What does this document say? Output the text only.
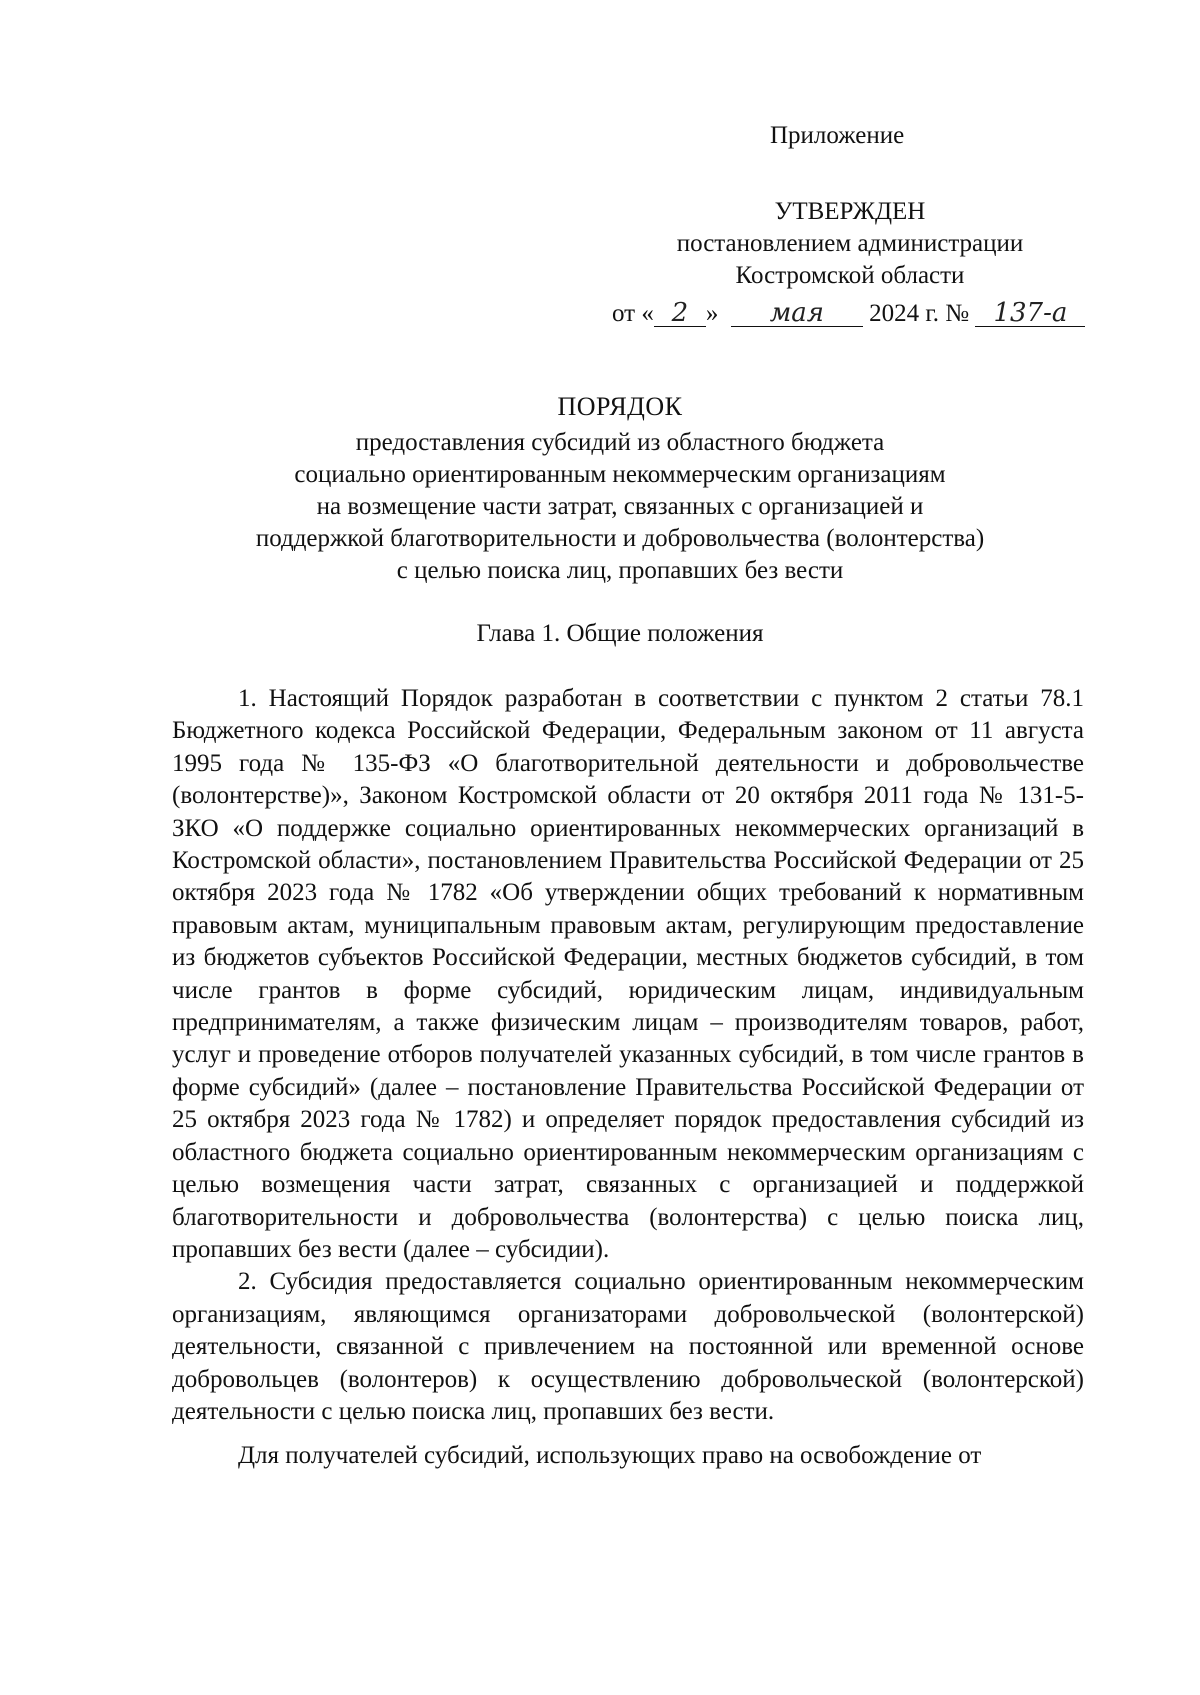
Приложение
УТВЕРЖДЕН
постановлением администрации
Костромской области
от « 2 » мая 2024 г. № 137-а
ПОРЯДОК
предоставления субсидий из областного бюджета
социально ориентированным некоммерческим организациям
на возмещение части затрат, связанных с организацией и
поддержкой благотворительности и добровольчества (волонтерства)
с целью поиска лиц, пропавших без вести
Глава 1. Общие положения

1. Настоящий Порядок разработан в соответствии с пунктом 2 статьи 78.1 Бюджетного кодекса Российской Федерации, Федеральным законом от 11 августа 1995 года № 135-ФЗ «О благотворительной деятельности и добровольчестве (волонтерстве)», Законом Костромской области от 20 октября 2011 года № 131-5-ЗКО «О поддержке социально ориентированных некоммерческих организаций в Костромской области», постановлением Правительства Российской Федерации от 25 октября 2023 года № 1782 «Об утверждении общих требований к нормативным правовым актам, муниципальным правовым актам, регулирующим предоставление из бюджетов субъектов Российской Федерации, местных бюджетов субсидий, в том числе грантов в форме субсидий, юридическим лицам, индивидуальным предпринимателям, а также физическим лицам – производителям товаров, работ, услуг и проведение отборов получателей указанных субсидий, в том числе грантов в форме субсидий» (далее – постановление Правительства Российской Федерации от 25 октября 2023 года № 1782) и определяет порядок предоставления субсидий из областного бюджета социально ориентированным некоммерческим организациям с целью возмещения части затрат, связанных с организацией и поддержкой благотворительности и добровольчества (волонтерства) с целью поиска лиц, пропавших без вести (далее – субсидии).

2. Субсидия предоставляется социально ориентированным некоммерческим организациям, являющимся организаторами добровольческой (волонтерской) деятельности, связанной с привлечением на постоянной или временной основе добровольцев (волонтеров) к осуществлению добровольческой (волонтерской) деятельности с целью поиска лиц, пропавших без вести.

Для получателей субсидий, использующих право на освобождение от
